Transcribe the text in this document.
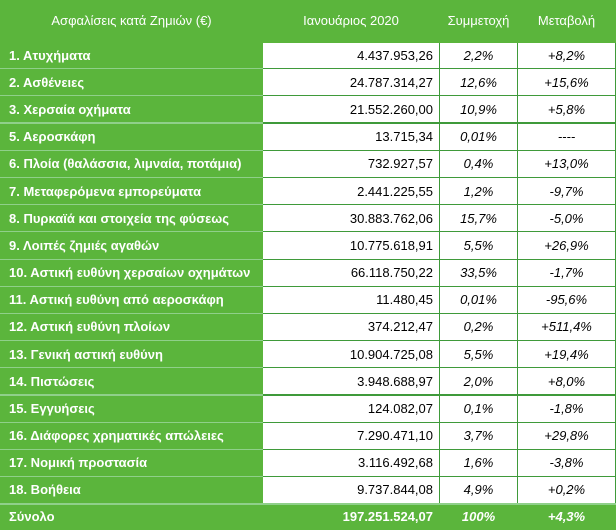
Ασφαλίσεις κατά Ζημιών (€)	Ιανουάριος 2020	Συμμετοχή	Μεταβολή
1. Ατυχήματα	4.437.953,26	2,2%	+8,2%
2. Ασθένειες	24.787.314,27	12,6%	+15,6%
3. Χερσαία οχήματα	21.552.260,00	10,9%	+5,8%
5. Αεροσκάφη	13.715,34	0,01%	----
6. Πλοία (θαλάσσια, λιμναία, ποτάμια)	732.927,57	0,4%	+13,0%
7. Μεταφερόμενα εμπορεύματα	2.441.225,55	1,2%	-9,7%
8. Πυρκαϊά και στοιχεία της φύσεως	30.883.762,06	15,7%	-5,0%
9. Λοιπές ζημιές αγαθών	10.775.618,91	5,5%	+26,9%
10. Αστική ευθύνη χερσαίων οχημάτων	66.118.750,22	33,5%	-1,7%
11. Αστική ευθύνη από αεροσκάφη	11.480,45	0,01%	-95,6%
12. Αστική ευθύνη πλοίων	374.212,47	0,2%	+511,4%
13. Γενική αστική ευθύνη	10.904.725,08	5,5%	+19,4%
14. Πιστώσεις	3.948.688,97	2,0%	+8,0%
15. Εγγυήσεις	124.082,07	0,1%	-1,8%
16. Διάφορες χρηματικές απώλειες	7.290.471,10	3,7%	+29,8%
17. Νομική προστασία	3.116.492,68	1,6%	-3,8%
18. Βοήθεια	9.737.844,08	4,9%	+0,2%
Σύνολο	197.251.524,07	100%	+4,3%
